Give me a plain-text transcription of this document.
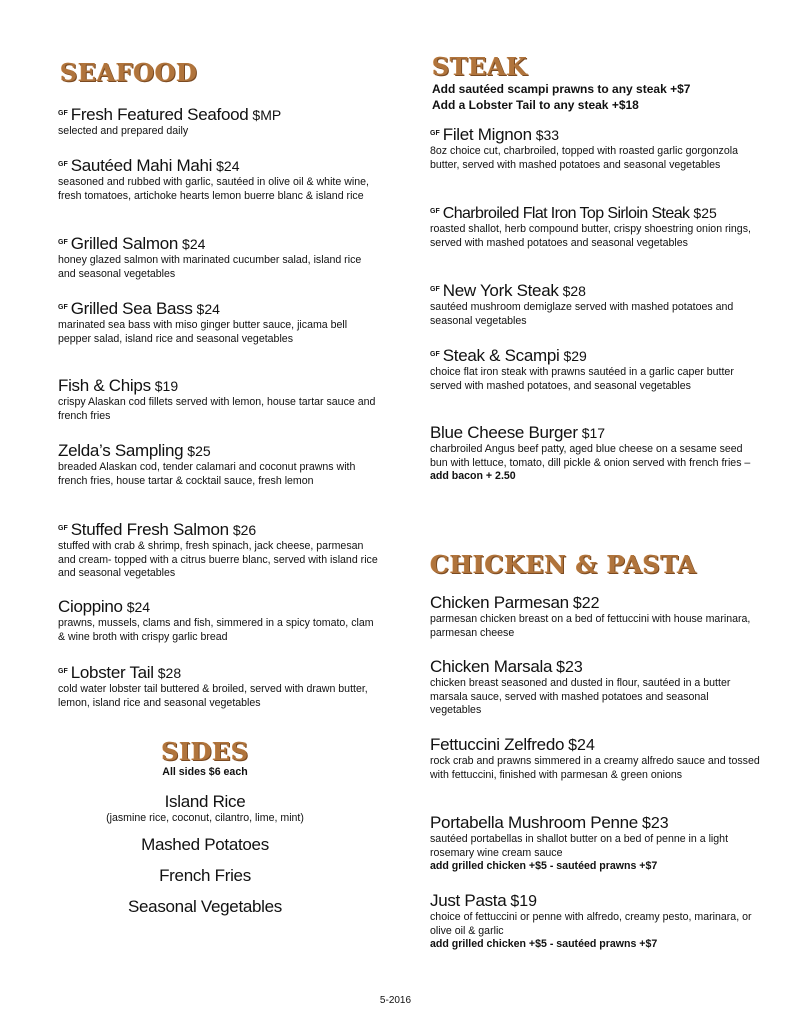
SEAFOOD
$^{GF}$ Fresh Featured Seafood $MP
selected and prepared daily
$^{GF}$ Sautéed Mahi Mahi $24
seasoned and rubbed with garlic, sautéed in olive oil & white wine, fresh tomatoes, artichoke hearts lemon buerre blanc & island rice
$^{GF}$ Grilled Salmon $24
honey glazed salmon with marinated cucumber salad, island rice and seasonal vegetables
$^{GF}$ Grilled Sea Bass $24
marinated sea bass with miso ginger butter sauce, jicama bell pepper salad, island rice and seasonal vegetables
Fish & Chips $19
crispy Alaskan cod fillets served with lemon, house tartar sauce and french fries
Zelda’s Sampling $25
breaded Alaskan cod, tender calamari and coconut prawns with french fries, house tartar & cocktail sauce, fresh lemon
$^{GF}$ Stuffed Fresh Salmon $26
stuffed with crab & shrimp, fresh spinach, jack cheese, parmesan and cream- topped with a citrus buerre blanc, served with island rice and seasonal vegetables
Cioppino $24
prawns, mussels, clams and fish, simmered in a spicy tomato, clam & wine broth with crispy garlic bread
$^{GF}$ Lobster Tail $28
cold water lobster tail buttered & broiled, served with drawn butter, lemon, island rice and seasonal vegetables
SIDES
All sides $6 each
Island Rice
(jasmine rice, coconut, cilantro, lime, mint)
Mashed Potatoes
French Fries
Seasonal Vegetables
STEAK
Add sautéed scampi prawns to any steak +$7
Add a Lobster Tail to any steak +$18
$^{GF}$ Filet Mignon $33
8oz choice cut, charbroiled, topped with roasted garlic gorgonzola butter, served with mashed potatoes and seasonal vegetables
$^{GF}$ Charbroiled Flat Iron Top Sirloin Steak $25
roasted shallot, herb compound butter, crispy shoestring onion rings, served with mashed potatoes and seasonal vegetables
$^{GF}$ New York Steak $28
sautéed mushroom demiglaze served with mashed potatoes and seasonal vegetables
$^{GF}$ Steak & Scampi $29
choice flat iron steak with prawns sautéed in a garlic caper butter served with mashed potatoes, and seasonal vegetables
Blue Cheese Burger $17
charbroiled Angus beef patty, aged blue cheese on a sesame seed bun with lettuce, tomato, dill pickle & onion served with french fries – add bacon + 2.50
CHICKEN & PASTA
Chicken Parmesan $22
parmesan chicken breast on a bed of fettuccini with house marinara, parmesan cheese
Chicken Marsala $23
chicken breast seasoned and dusted in flour, sautéed in a butter marsala sauce, served with mashed potatoes and seasonal vegetables
Fettuccini Zelfredo $24
rock crab and prawns simmered in a creamy alfredo sauce and tossed with fettuccini, finished with parmesan & green onions
Portabella Mushroom Penne $23
sautéed portabellas in shallot butter on a bed of penne in a light rosemary wine cream sauce
add grilled chicken +$5 - sautéed prawns +$7
Just Pasta $19
choice of fettuccini or penne with alfredo, creamy pesto, marinara, or olive oil & garlic
add grilled chicken +$5 - sautéed prawns +$7
5-2016
